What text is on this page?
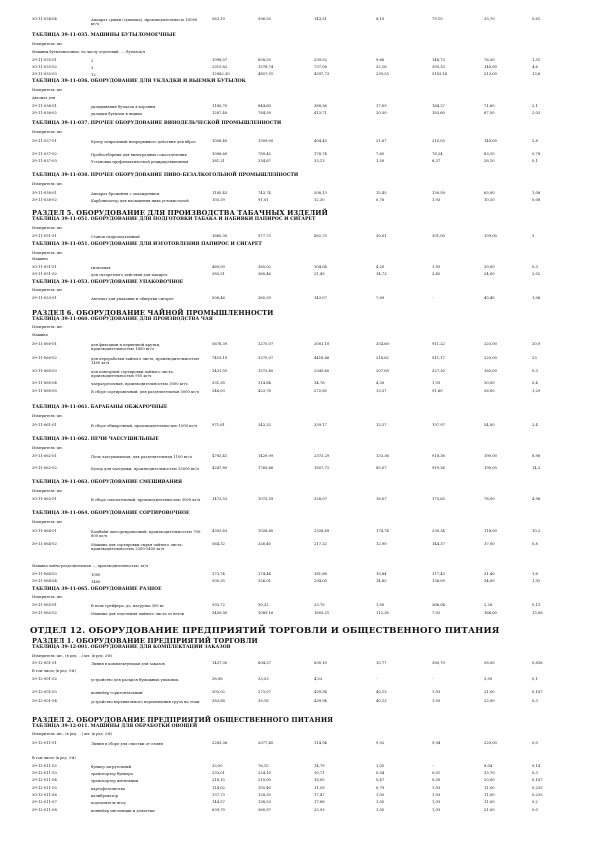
39-11-034-04	Аппарат сушки (сушилка), производительность 10000 кг/ч
563,10	396,55	143,51	8,10	79,10	33,70	0,61
ТАБЛИЦА 39-11-035. МАШИНЫ БУТЫЛОМОЕЧНЫЕ
Измеритель: шт.
Машины бутыломоечные, по числу отделений, ..., бутылок/ч
39-11-035-01	2	1098,07	858,55	239,52	9,66	148,73	76,30	1,31
39-11-035-02	3	2315,82	1578,74	737,08	32,16	395,33	140,00	4,6
39-11-035-03	12	12962,30	4857,01	4397,73	239,53	5103,16	513,00	13,6
ТАБЛИЦА 39-11-036. ОБОРУДОВАНИЕ ДЛЯ УКЛАДКИ И ВЫЕМКИ БУТЫЛОК
Измеритель: шт.
Автомат для
39-11-036-01	укладывания бутылок в корзины	1185,70	844,60	388,36	17,09	184,27	71,60	2,1
39-11-036-02	укладки бутылок в ящики	1287,40	784,59	413,71	20,50	183,60	67,50	2,03
ТАБЛИЦА 39-11-037. ПРОЧЕЕ ОБОРУДОВАНИЕ ВИНОДЕЛЬЧЕСКОЙ ПРОМЫШЛЕННОСТИ
Измеритель: шт.
39-11-037-01	Кулер спиралевый непрерывного действия для вброс	1058,40	1309,00	404,43	21,67	210,03	140,00	2,8
39-11-037-02	Пробоотборник для виноградных сокоотделения	1006,60	789,45	178,74	7,65	78,24	83,10	0,78
39-11-037-03	Установка профилактической рециркуляционная	381,31	334,67	33,13	1,50	6,37	28,10	0,1
ТАБЛИЦА 39-11-038. ПРОЧЕЕ ОБОРУДОВАНИЕ ПИВО-БЕЗАЛКОГОЛЬНОЙ ПРОМЫШЛЕННОСТИ
Измеритель: шт.
39-11-038-01	Аппарат брожения с охлаждением	1185,43	743,74	208,13	15,45	130,59	65,00	1,08
39-11-038-02	Карбонизатор для насыщения пива углекислотой	103,39	91,01	12,30	0,78	1,93	10,10	0,08
РАЗДЕЛ 5. ОБОРУДОВАНИЕ ДЛЯ ПРОИЗВОДСТВА ТАБАЧНЫХ ИЗДЕЛИЙ
ТАБЛИЦА 39-11-051. ОБОРУДОВАНИЕ ДЛЯ ПОДГОТОВКИ ТАБАКА И НАБИВКИ ПАПИРОС И СИГАРЕТ
Измеритель: шт.
39-11-051-01	Станок гидроподъемный	1660,30	977,73	682,73	30,01	301,00	109,00	3
ТАБЛИЦА 39-11-051. ОБОРУДОВАНИЕ ДЛЯ ИЗГОТОВЛЕНИЯ ПАПИРОС И СИГАРЕТ
Измеритель: шт.
Машина
39-11-051-01	гильзовая	469,50	365,02	104,06	4,20	1,95	39,00	0,3
39-11-051-02	для сигаретного действия для папирос	385,51	360,46	21,49	14,73	3,45	54,00	2,02
ТАБЛИЦА 39-11-053. ОБОРУДОВАНИЕ УПАКОВОЧНОЕ
Измеритель: шт.
39-11-053-01	Автомат для упаковки и обвертки сигарет	508,46	365,39	143,07	7,69	-	40,40	1,06
РАЗДЕЛ 6. ОБОРУДОВАНИЕ ЧАЙНОЙ ПРОМЫШЛЕННОСТИ
ТАБЛИЦА 39-11-060. ОБОРУДОВАНИЕ ДЛЯ ПРОИЗВОДСТВА ЧАЯ
Измеритель: шт.
Машина
39-11-060-01	для фиксации и первичной крутки, производительностью 1400 кг/ч
5678,39	3275,07	2003,10	354,60	911,22	225,00	20,9
39-11-060-02	для переработки чайного листа, производительностью 1400 кг/ч
7410,10	3275,07	4418,66	218,62	911,17	225,00	23
39-11-060-03	для повторной сортировки чайного листа, производительностью 950 кг/ч
3431,02	1573,40	2343,60	207,69	327,20	165,00	9,3
39-11-060-04	чаеразрезочная, производительностью 3000 кг/ч	331,30	314,84	34,76	4,30	1,93	30,00	0,4
39-11-060-05	В сборе сортировочный, для разделительная 3000 кг/ч	246,03	423,78	272,85	13,37	91,60	56,00	1,29
ТАБЛИЦА 39-11-061. БАРАБАНЫ ОБЖАРОЧНЫЕ
Измеритель: шт.
39-11-061-01	В сборе обжарочный, производительностью 1000 кг/ч	971,61	343,32	339,17	13,37	197,97	54,00	2,4
ТАБЛИЦА 39-11-062. ПЕЧИ ЧАЕСУШИЛЬНЫЕ
Измеритель: шт.
39-11-062-01	Печь чаесушильная, для разделительная 1100 кг/ч	4783,41	1429,99	2373,29	133,36	918,38	190,00	8,98
39-11-062-02	Кулер для чаесушки, производительностью 25000 кг/ч	4247,89	1765,66	1857,71	85,07	919,36	190,00	14,3
ТАБЛИЦА 39-11-063. ОБОРУДОВАНИЕ СМЕШИВАНИЯ
Измеритель: шт.
39-11-063-01	В сборе смесительный, производительностью 3000 кг/ч	1473,53	1073,59	328,07	16,07	175,63	78,00	4,98
ТАБЛИЦА 39-11-064. ОБОРУДОВАНИЕ СОРТИРОВОЧНОЕ
Измеритель: шт.
39-11-064-01	Комбайн чаесортировочный, производительностью 700-800 кг/ч
4303,63	1028,60	2328,69	174,74	230,34	118,00	10,2
39-11-064-02	Машина для сортировки сырья чайного листа, производительностью 2300-3400 кг/ч
564,32	326,40	217,22	12,90	144,37	37,00	0,8
Машина чайно-разделительная ..., производительностью, кг/ч
39-11-064-03	1000	373,74	274,44	181,88	10,84	117,43	31,40	1,6
39-11-064-04	1400	500,35	326,01	294,00	14,85	136,09	34,00	1,92
ТАБЛИЦА 39-11-065. ОБОРУДОВАНИЕ РАЗНОЕ
Измеритель: шт.
39-11-065-01	В печь грейфера, до, нагрузка 300 кг	393,72	30,32	23,70	1,00	366,04	2,28	0,13
39-11-065-02	Машина для отделения чайного листа от веток	3450,00	1089,16	1603,21	112,30	7,02	166,00	13,06
ОТДЕЛ 12. ОБОРУДОВАНИЕ ПРЕДПРИЯТИЙ ТОРГОВЛИ И ОБЩЕСТВЕННОГО ПИТАНИЯ
РАЗДЕЛ 1. ОБОРУДОВАНИЕ ПРЕДПРИЯТИЙ ТОРГОВЛИ
ТАБЛИЦА 39-12-001. ОБОРУДОВАНИЕ ДЛЯ КОМПЛЕКТАЦИИ ЗАКАЗОВ
Измеритель: шт., (в ред. ...) шт. (в ред. 3-й)
39-12-001-01	Линия в комплектующая для заказов	1437,30	604,57	830,10	10,77	380,70	58,00	0,838
В том числе (в ред. 3-й)
39-12-001-02	устройство для раскроя бумажных упаковок	38,06	33,53	4,53	-	-	3,50	0,1
39-12-001-03	конвейер горизонтальный	303,02	273,07	439,94	40,13	1,93	21,00	0,187
39-12-001-04	устройство вертикального перемещения груза на этаж	383,68	39,18	439,94	40,13	1,93	22,00	0,3
РАЗДЕЛ 2. ОБОРУДОВАНИЕ ПРЕДПРИЯТИЙ ОБЩЕСТВЕННОГО ПИТАНИЯ
ТАБЛИЦА 39-12-011. МАШИНЫ ДЛЯ ОБРАБОТКИ ОВОЩЕЙ
Измеритель: шт., (в ред. ...) шт. (в ред. 3-й)
39-12-011-01	Линия в сборе для очистки от семян	2283,36	2077,40	114,94	9,92	9,94	225,00	0,0
В том числе (в ред. 3-й)
39-12-011-02	бункер загрузочный	33,50	76,15	14,79	1,05	-	8,04	0,14
39-12-011-03	транспортер бункера	233,01	224,10	10,71	0,04	0,01	33,70	0,3
39-12-011-04	транспортер инспекции	218,15	210,00	19,05	0,47	0,30	20,00	0,187
39-12-011-05	картофелечистка	114,02	105,40	11,59	0,79	1,93	11,00	0,235
39-12-011-06	калиброватор	137,73	128,35	17,47	1,05	1,93	11,00	0,235
39-12-011-07	подтопитель ягод	144,57	138,53	17,88	1,05	1,93	11,00	0,2
39-12-011-08	конвейер инспекции и дочистки	639,70	560,97	25,93	1,05	1,93	51,00	0,0
